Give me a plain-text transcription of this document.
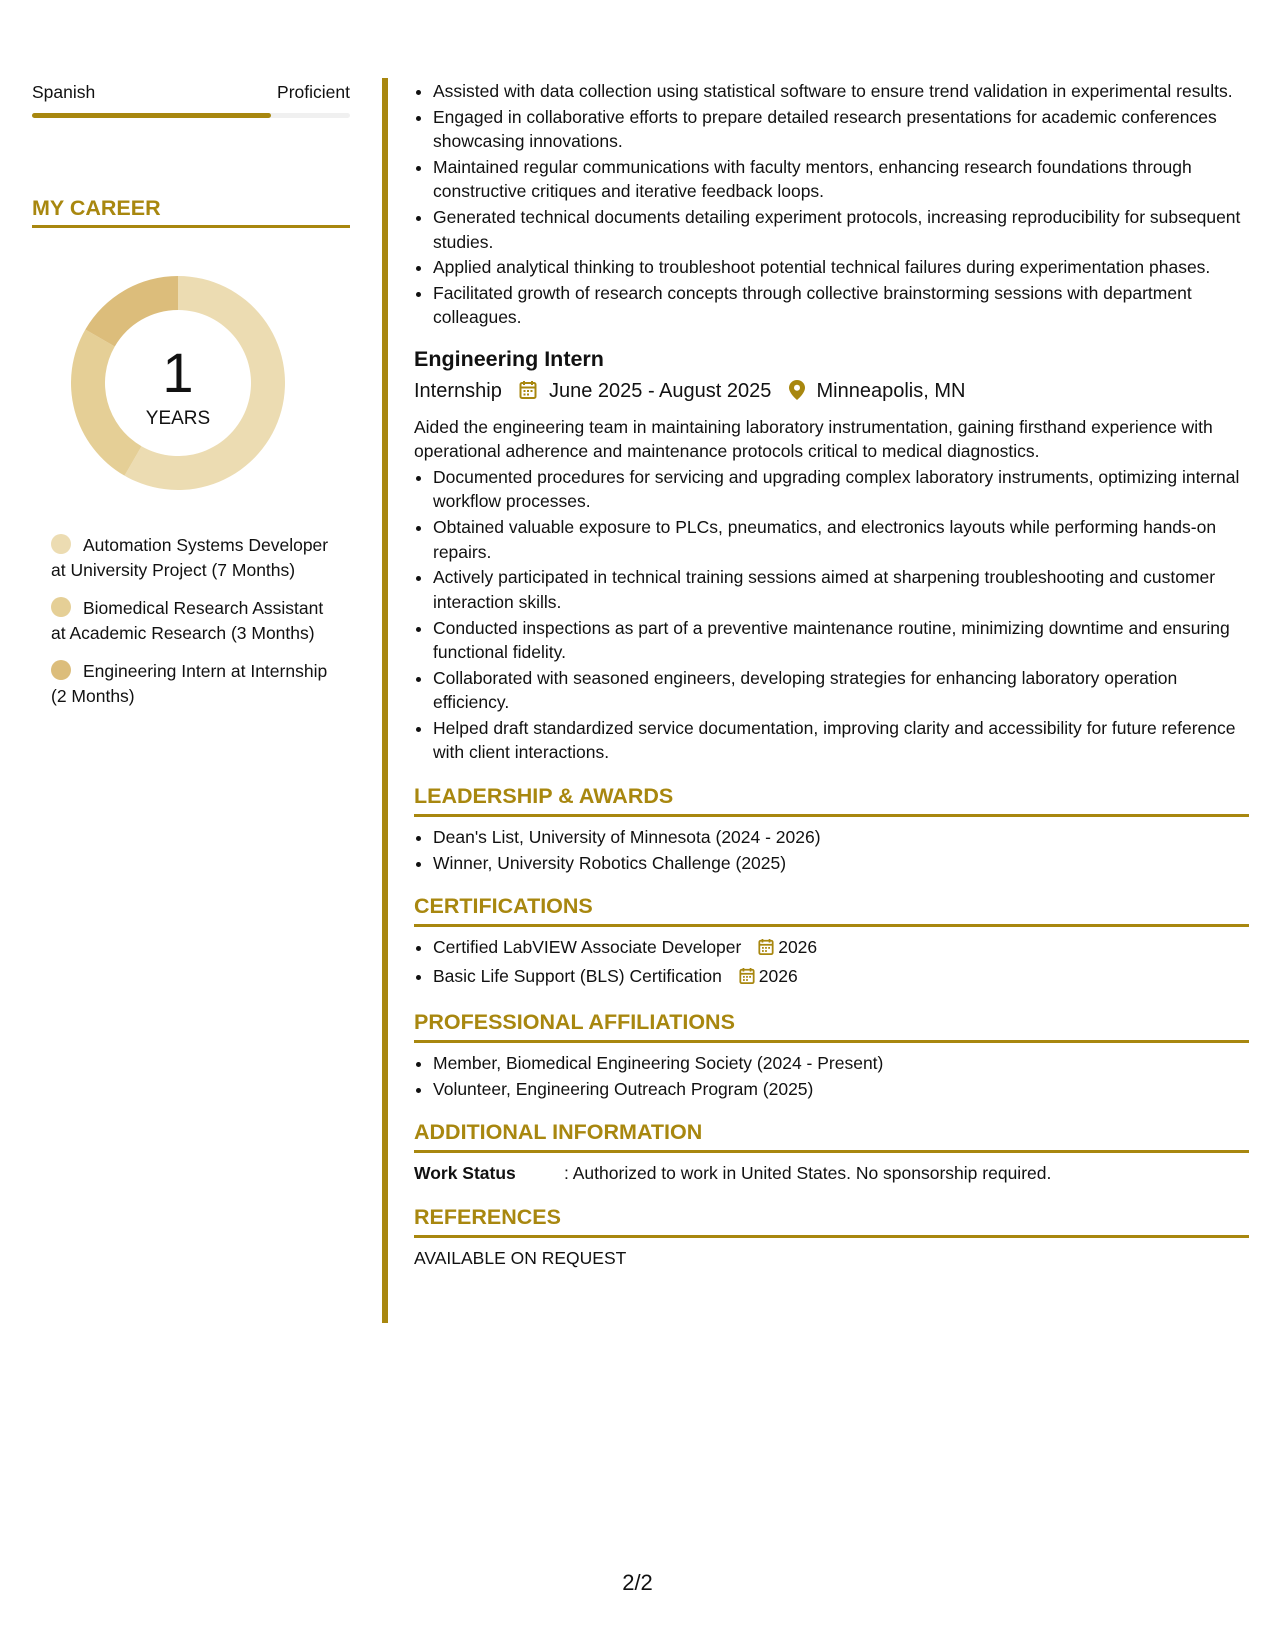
Spanish	Proficient
MY CAREER
1
YEARS
Automation Systems Developer at University Project (7 Months)
Biomedical Research Assistant at Academic Research (3 Months)
Engineering Intern at Internship (2 Months)
• Assisted with data collection using statistical software to ensure trend validation in experimental results.
• Engaged in collaborative efforts to prepare detailed research presentations for academic conferences showcasing innovations.
• Maintained regular communications with faculty mentors, enhancing research foundations through constructive critiques and iterative feedback loops.
• Generated technical documents detailing experiment protocols, increasing reproducibility for subsequent studies.
• Applied analytical thinking to troubleshoot potential technical failures during experimentation phases.
• Facilitated growth of research concepts through collective brainstorming sessions with department colleagues.
Engineering Intern
Internship June 2025 - August 2025 Minneapolis, MN
Aided the engineering team in maintaining laboratory instrumentation, gaining firsthand experience with operational adherence and maintenance protocols critical to medical diagnostics.
• Documented procedures for servicing and upgrading complex laboratory instruments, optimizing internal workflow processes.
• Obtained valuable exposure to PLCs, pneumatics, and electronics layouts while performing hands-on repairs.
• Actively participated in technical training sessions aimed at sharpening troubleshooting and customer interaction skills.
• Conducted inspections as part of a preventive maintenance routine, minimizing downtime and ensuring functional fidelity.
• Collaborated with seasoned engineers, developing strategies for enhancing laboratory operation efficiency.
• Helped draft standardized service documentation, improving clarity and accessibility for future reference with client interactions.
LEADERSHIP & AWARDS
• Dean's List, University of Minnesota (2024 - 2026)
• Winner, University Robotics Challenge (2025)
CERTIFICATIONS
• Certified LabVIEW Associate Developer 2026
• Basic Life Support (BLS) Certification 2026
PROFESSIONAL AFFILIATIONS
• Member, Biomedical Engineering Society (2024 - Present)
• Volunteer, Engineering Outreach Program (2025)
ADDITIONAL INFORMATION
Work Status	: Authorized to work in United States. No sponsorship required.
REFERENCES
AVAILABLE ON REQUEST
2/2
